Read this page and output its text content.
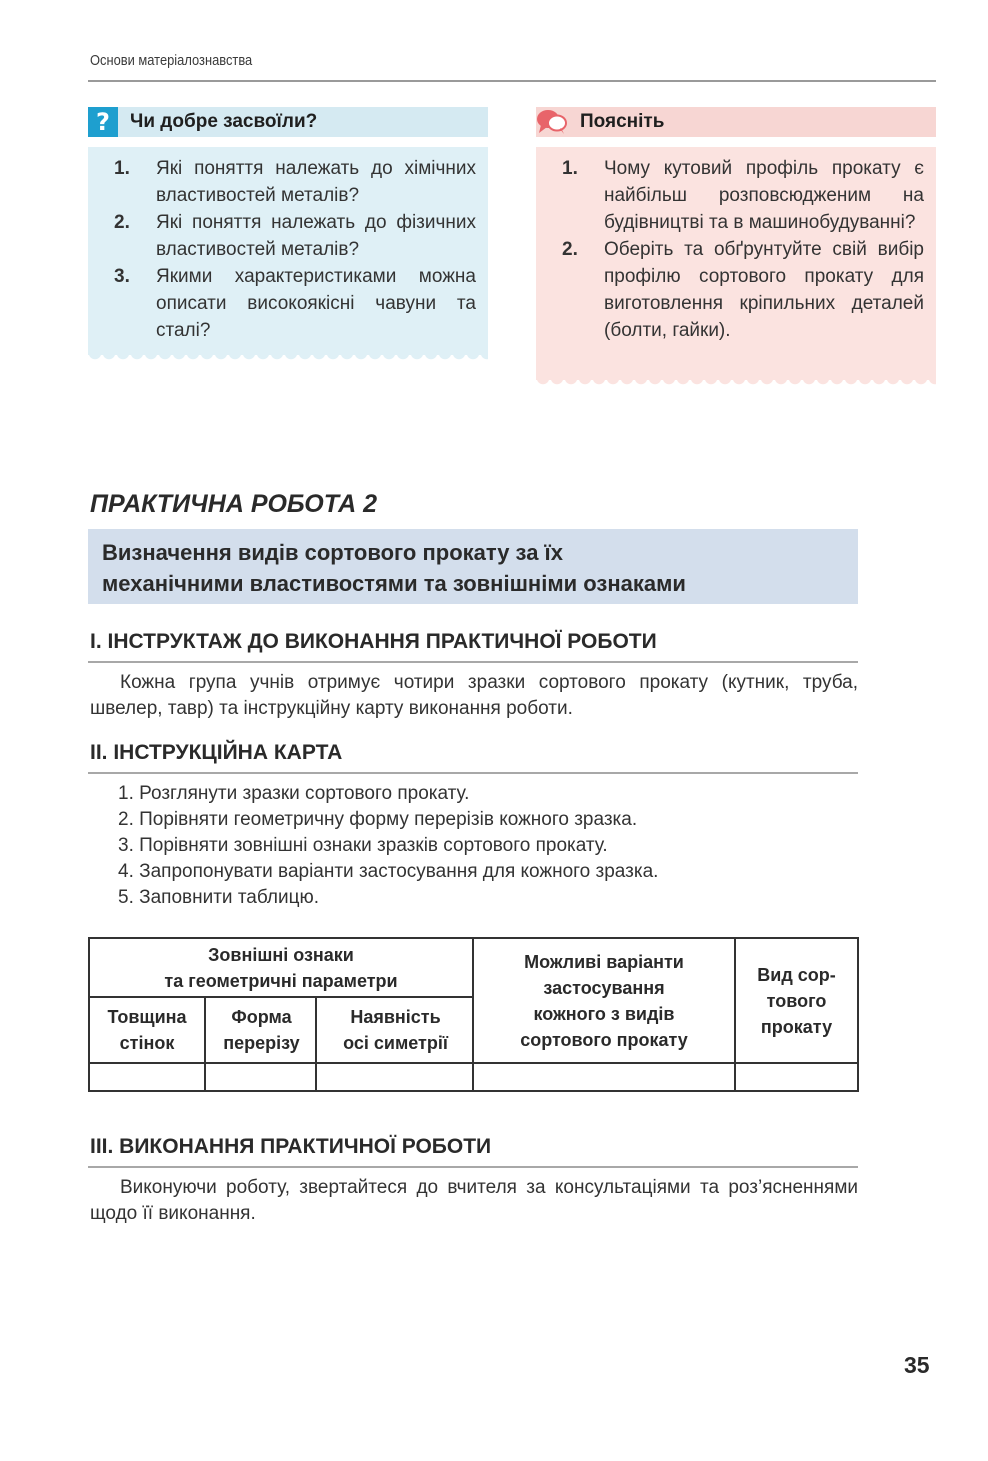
Основи матеріалознавства
?	Чи добре засвоїли?
1. Які поняття належать до хімічних властивостей металів?
2. Які поняття належать до фізичних властивостей металів?
3. Якими характеристиками можна описати високоякісні чавуни та сталі?
Поясніть
1. Чому кутовий профіль прокату є найбільш розповсюдженим на будівництві та в машинобудуванні?
2. Оберіть та обґрунтуйте свій вибір профілю сортового прокату для виготовлення кріпильних деталей (болти, гайки).
ПРАКТИЧНА РОБОТА 2
Визначення видів сортового прокату за їх
механічними властивостями та зовнішніми ознаками
І. ІНСТРУКТАЖ ДО ВИКОНАННЯ ПРАКТИЧНОЇ РОБОТИ
Кожна група учнів отримує чотири зразки сортового прокату (кутник, труба, швелер, тавр) та інструкційну карту виконання роботи.
ІІ. ІНСТРУКЦІЙНА КАРТА
1. Розглянути зразки сортового прокату.
2. Порівняти геометричну форму перерізів кожного зразка.
3. Порівняти зовнішні ознаки зразків сортового прокату.
4. Запропонувати варіанти застосування для кожного зразка.
5. Заповнити таблицю.
Зовнішні ознаки
та геометричні параметри
Товщина
стінок
Форма
перерізу
Наявність
осі симетрії
Можливі варіанти
застосування
кожного з видів
сортового прокату
Вид сор-
тового
прокату
ІІІ. ВИКОНАННЯ ПРАКТИЧНОЇ РОБОТИ
Виконуючи роботу, звертайтеся до вчителя за консультаціями та роз’ясненнями щодо її виконання.
35
